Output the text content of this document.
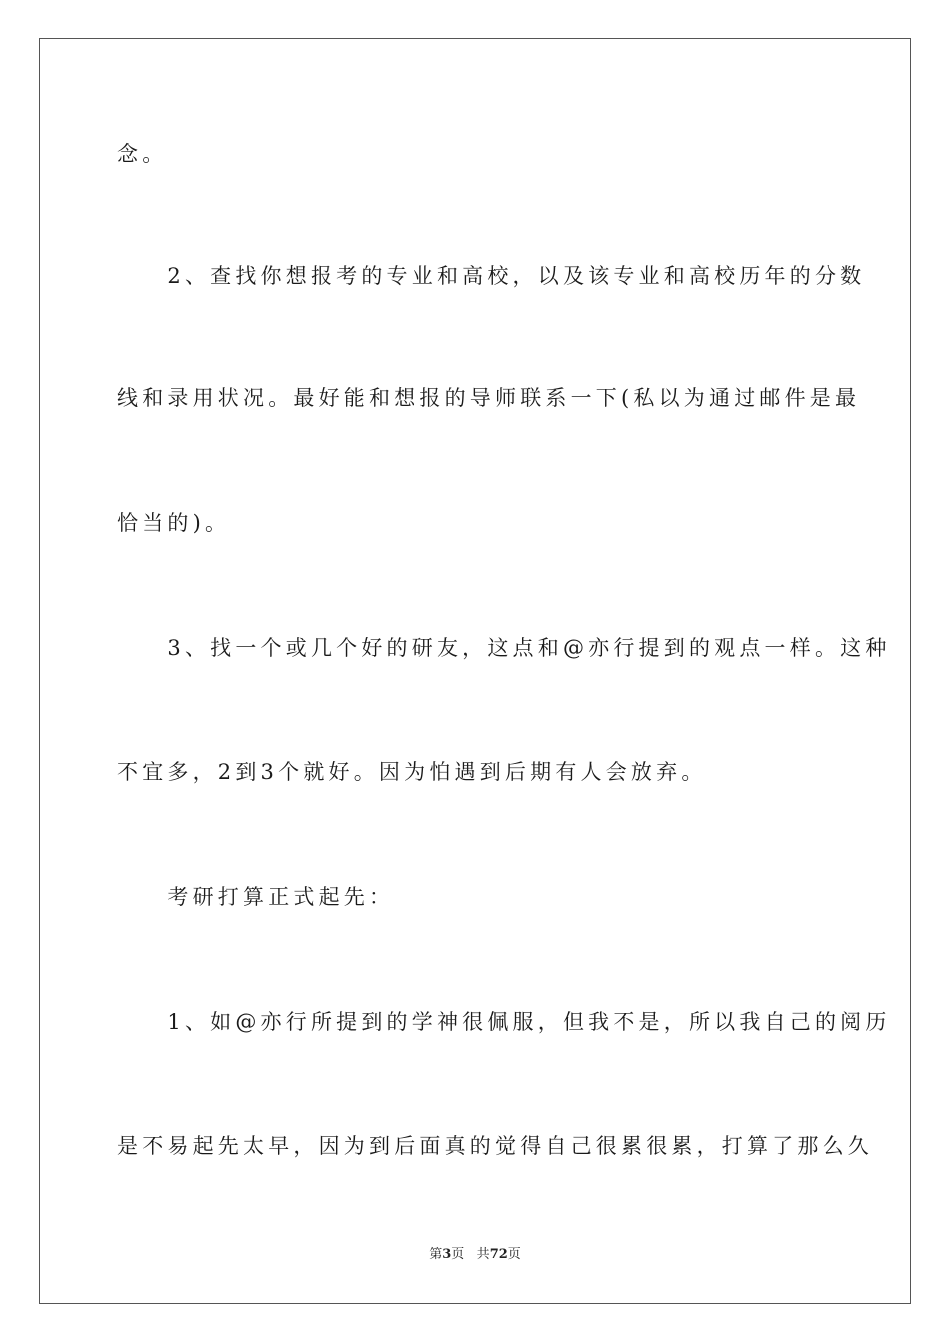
念。
　　2、查找你想报考的专业和高校，以及该专业和高校历年的分数
线和录用状况。最好能和想报的导师联系一下(私以为通过邮件是最
恰当的)。
　　3、找一个或几个好的研友，这点和@亦行提到的观点一样。这种
不宜多，2到3个就好。因为怕遇到后期有人会放弃。
　　考研打算正式起先：
　　1、如@亦行所提到的学神很佩服，但我不是，所以我自己的阅历
是不易起先太早，因为到后面真的觉得自己很累很累，打算了那么久
第3页 共72页
